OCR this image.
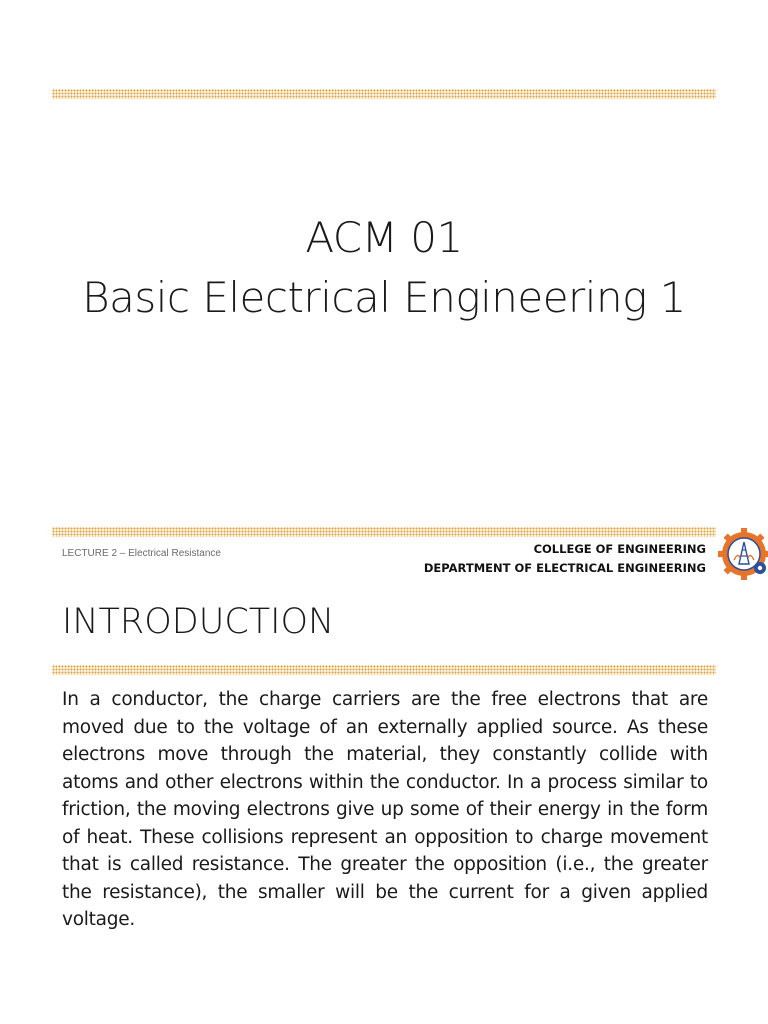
ACM 01
Basic Electrical Engineering 1
LECTURE 2 – Electrical Resistance	COLLEGE OF ENGINEERING
DEPARTMENT OF ELECTRICAL ENGINEERING
INTRODUCTION
In a conductor, the charge carriers are the free electrons that are moved due to the voltage of an externally applied source. As these electrons move through the material, they constantly collide with atoms and other electrons within the conductor. In a process similar to friction, the moving electrons give up some of their energy in the form of heat. These collisions represent an opposition to charge movement that is called resistance. The greater the opposition (i.e., the greater the resistance), the smaller will be the current for a given applied voltage.
